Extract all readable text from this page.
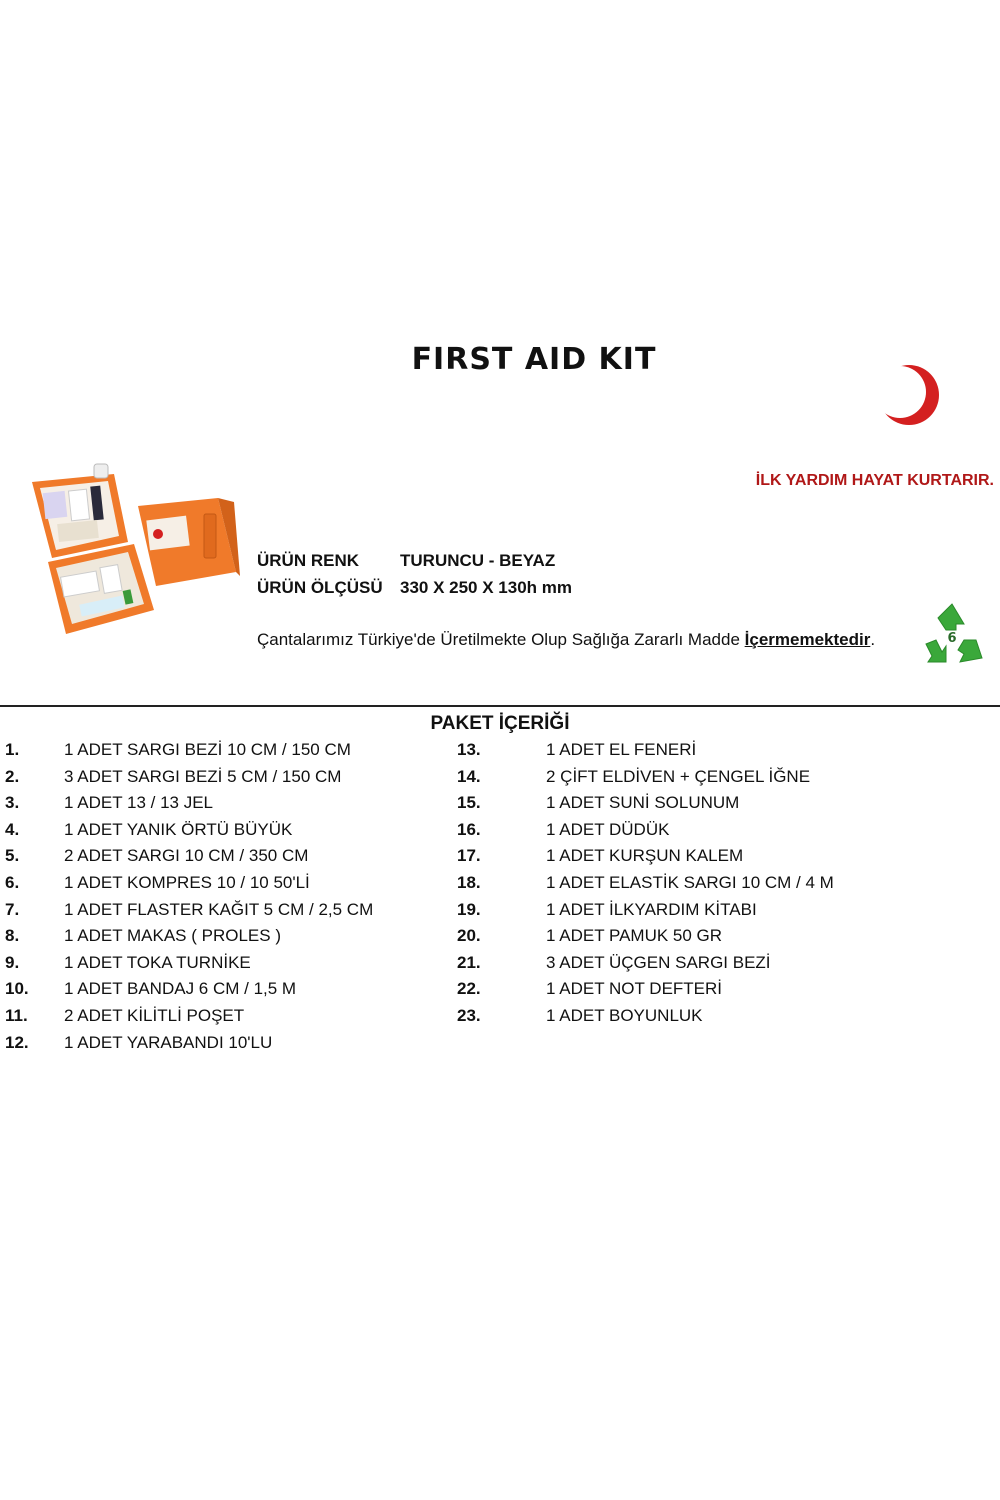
FIRST AID KIT
İLK YARDIM HAYAT KURTARIR.
ÜRÜN RENK TURUNCU - BEYAZ
ÜRÜN ÖLÇÜSÜ 330 X 250 X 130h mm
Çantalarımız Türkiye'de Üretilmekte Olup Sağlığa Zararlı Madde İçermemektedir.	6
PAKET İÇERİĞİ
1.	1 ADET SARGI BEZİ 10 CM / 150 CM
2.	3 ADET SARGI BEZİ 5 CM / 150 CM
3.	1 ADET 13 / 13 JEL
4.	1 ADET YANIK ÖRTÜ BÜYÜK
5.	2 ADET SARGI 10 CM / 350 CM
6.	1 ADET KOMPRES 10 / 10 50'Lİ
7.	1 ADET FLASTER KAĞIT 5 CM / 2,5 CM
8.	1 ADET MAKAS ( PROLES )
9.	1 ADET TOKA TURNİKE
10. 1 ADET BANDAJ 6 CM / 1,5 M
11. 2 ADET KİLİTLİ POŞET
12. 1 ADET YARABANDI 10'LU
13.	1 ADET EL FENERİ
14.	2 ÇİFT ELDİVEN + ÇENGEL İĞNE
15.	1 ADET SUNİ SOLUNUM
16.	1 ADET DÜDÜK
17.	1 ADET KURŞUN KALEM
18.	1 ADET ELASTİK SARGI 10 CM / 4 M
19.	1 ADET İLKYARDIM KİTABI
20.	1 ADET PAMUK 50 GR
21.	3 ADET ÜÇGEN SARGI BEZİ
22.	1 ADET NOT DEFTERİ
23.	1 ADET BOYUNLUK
